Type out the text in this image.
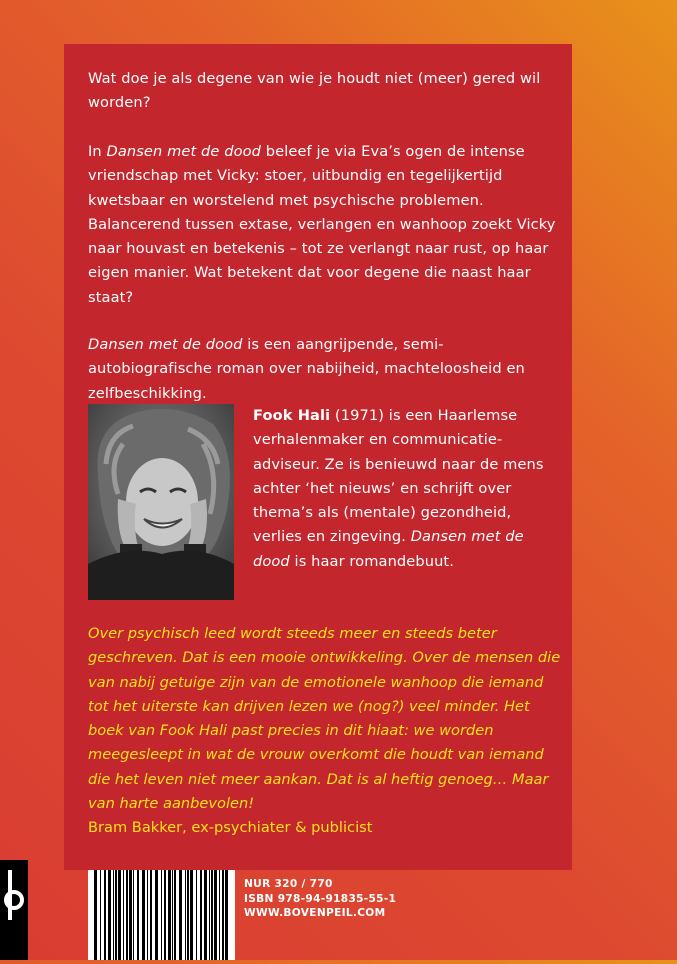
Wat doe je als degene van wie je houdt niet (meer) gered wil worden?

In Dansen met de dood beleef je via Eva’s ogen de intense vriendschap met Vicky: stoer, uitbundig en tegelijkertijd kwetsbaar en worstelend met psychische problemen. Balancerend tussen extase, verlangen en wanhoop zoekt Vicky naar houvast en betekenis – tot ze verlangt naar rust, op haar eigen manier. Wat betekent dat voor degene die naast haar staat?

Dansen met de dood is een aangrijpende, semi-autobiografische roman over nabijheid, machteloosheid en zelfbeschikking.

Fook Hali (1971) is een Haarlemse verhalenmaker en communicatie-adviseur. Ze is benieuwd naar de mens achter ‘het nieuws’ en schrijft over thema’s als (mentale) gezondheid, verlies en zingeving. Dansen met de dood is haar romandebuut.

Over psychisch leed wordt steeds meer en steeds beter geschreven. Dat is een mooie ontwikkeling. Over de mensen die van nabij getuige zijn van de emotionele wanhoop die iemand tot het uiterste kan drijven lezen we (nog?) veel minder. Het boek van Fook Hali past precies in dit hiaat: we worden meegesleept in wat de vrouw overkomt die houdt van iemand die het leven niet meer aankan. Dat is al heftig genoeg… Maar van harte aanbevolen!

Bram Bakker, ex-psychiater & publicist

NUR 320 / 770
ISBN 978-94-91835-55-1
WWW.BOVENPEIL.COM
